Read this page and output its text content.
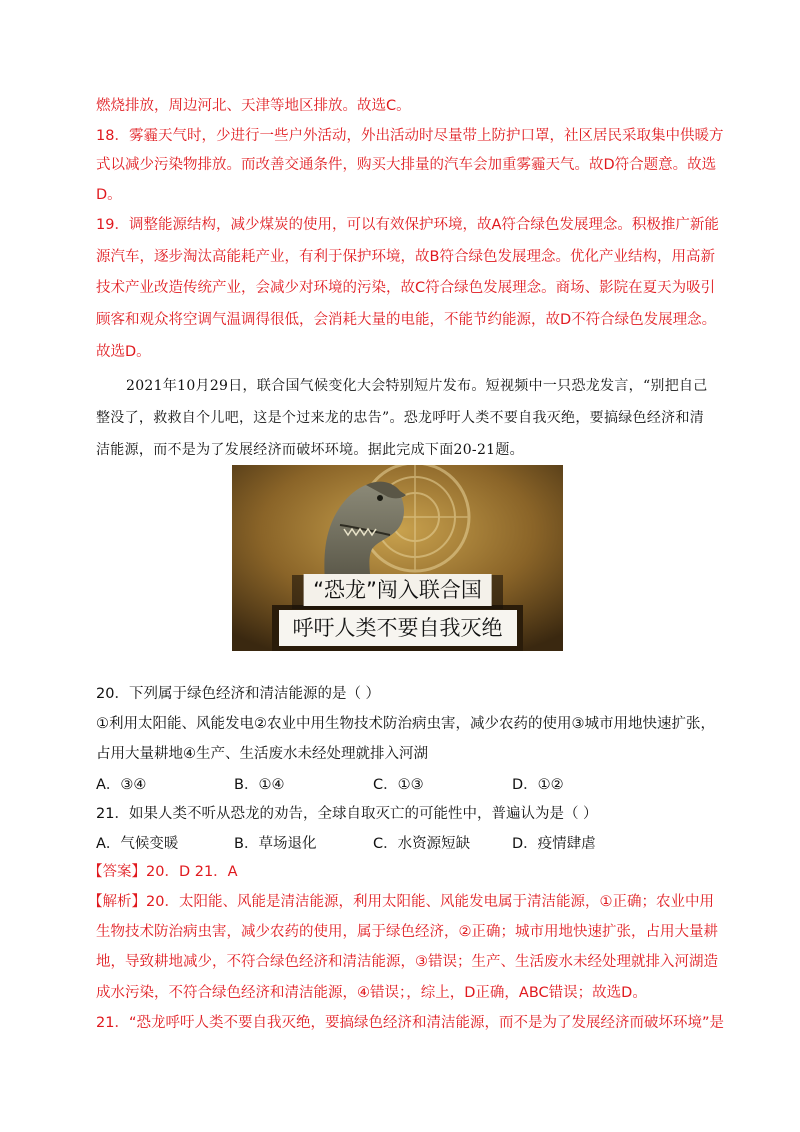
燃烧排放，周边河北、天津等地区排放。故选C。
18．雾霾天气时，少进行一些户外活动，外出活动时尽量带上防护口罩，社区居民采取集中供暖方
式以减少污染物排放。而改善交通条件，购买大排量的汽车会加重雾霾天气。故D符合题意。故选
D。
19．调整能源结构，减少煤炭的使用，可以有效保护环境，故A符合绿色发展理念。积极推广新能
源汽车，逐步淘汰高能耗产业，有利于保护环境，故B符合绿色发展理念。优化产业结构，用高新
技术产业改造传统产业，会减少对环境的污染，故C符合绿色发展理念。商场、影院在夏天为吸引
顾客和观众将空调气温调得很低，会消耗大量的电能，不能节约能源，故D不符合绿色发展理念。
故选D。
2021年10月29日，联合国气候变化大会特别短片发布。短视频中一只恐龙发言，“别把自己
整没了，救救自个儿吧，这是个过来龙的忠告”。恐龙呼吁人类不要自我灭绝，要搞绿色经济和清
洁能源，而不是为了发展经济而破坏环境。据此完成下面20-21题。
“恐龙”闯入联合国
呼吁人类不要自我灭绝
20．下列属于绿色经济和清洁能源的是（ ）
①利用太阳能、风能发电②农业中用生物技术防治病虫害，减少农药的使用③城市用地快速扩张，
占用大量耕地④生产、生活废水未经处理就排入河湖
A．③④	B．①④	C．①③	D．①②
21．如果人类不听从恐龙的劝告，全球自取灭亡的可能性中，普遍认为是（ ）
A．气候变暖	B．草场退化	C．水资源短缺	D．疫情肆虐
【答案】20．D 21．A
【解析】20．太阳能、风能是清洁能源，利用太阳能、风能发电属于清洁能源，①正确；农业中用
生物技术防治病虫害，减少农药的使用，属于绿色经济，②正确；城市用地快速扩张，占用大量耕
地，导致耕地减少，不符合绿色经济和清洁能源，③错误；生产、生活废水未经处理就排入河湖造
成水污染，不符合绿色经济和清洁能源，④错误；，综上，D正确，ABC错误；故选D。
21．“恐龙呼吁人类不要自我灭绝，要搞绿色经济和清洁能源，而不是为了发展经济而破坏环境”是
